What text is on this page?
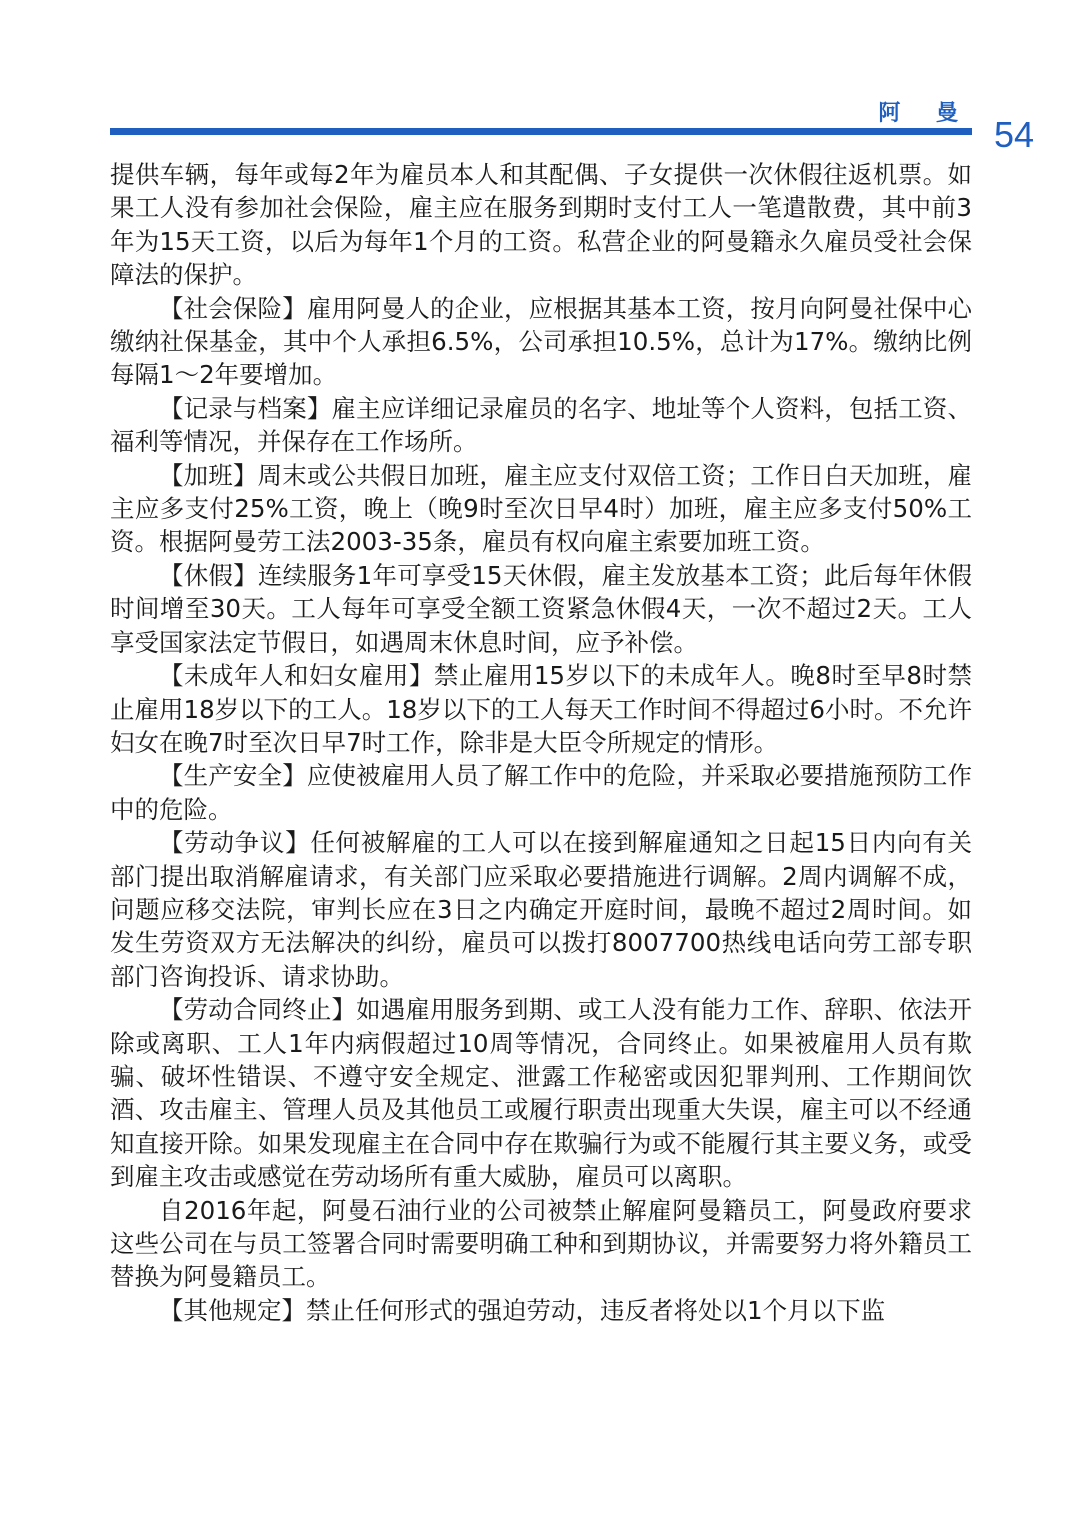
阿 曼
54

提供车辆，每年或每2年为雇员本人和其配偶、子女提供一次休假往返机票。如果工人没有参加社会保险，雇主应在服务到期时支付工人一笔遣散费，其中前3年为15天工资，以后为每年1个月的工资。私营企业的阿曼籍永久雇员受社会保障法的保护。

【社会保险】雇用阿曼人的企业，应根据其基本工资，按月向阿曼社保中心缴纳社保基金，其中个人承担6.5%，公司承担10.5%，总计为17%。缴纳比例每隔1～2年要增加。

【记录与档案】雇主应详细记录雇员的名字、地址等个人资料，包括工资、福利等情况，并保存在工作场所。

【加班】周末或公共假日加班，雇主应支付双倍工资；工作日白天加班，雇主应多支付25%工资，晚上（晚9时至次日早4时）加班，雇主应多支付50%工资。根据阿曼劳工法2003-35条，雇员有权向雇主索要加班工资。

【休假】连续服务1年可享受15天休假，雇主发放基本工资；此后每年休假时间增至30天。工人每年可享受全额工资紧急休假4天，一次不超过2天。工人享受国家法定节假日，如遇周末休息时间，应予补偿。

【未成年人和妇女雇用】禁止雇用15岁以下的未成年人。晚8时至早8时禁止雇用18岁以下的工人。18岁以下的工人每天工作时间不得超过6小时。不允许妇女在晚7时至次日早7时工作，除非是大臣令所规定的情形。

【生产安全】应使被雇用人员了解工作中的危险，并采取必要措施预防工作中的危险。

【劳动争议】任何被解雇的工人可以在接到解雇通知之日起15日内向有关部门提出取消解雇请求，有关部门应采取必要措施进行调解。2周内调解不成，问题应移交法院，审判长应在3日之内确定开庭时间，最晚不超过2周时间。如发生劳资双方无法解决的纠纷，雇员可以拨打8007700热线电话向劳工部专职部门咨询投诉、请求协助。

【劳动合同终止】如遇雇用服务到期、或工人没有能力工作、辞职、依法开除或离职、工人1年内病假超过10周等情况，合同终止。如果被雇用人员有欺骗、破坏性错误、不遵守安全规定、泄露工作秘密或因犯罪判刑、工作期间饮酒、攻击雇主、管理人员及其他员工或履行职责出现重大失误，雇主可以不经通知直接开除。如果发现雇主在合同中存在欺骗行为或不能履行其主要义务，或受到雇主攻击或感觉在劳动场所有重大威胁，雇员可以离职。

自2016年起，阿曼石油行业的公司被禁止解雇阿曼籍员工，阿曼政府要求这些公司在与员工签署合同时需要明确工种和到期协议，并需要努力将外籍员工替换为阿曼籍员工。

【其他规定】禁止任何形式的强迫劳动，违反者将处以1个月以下监
